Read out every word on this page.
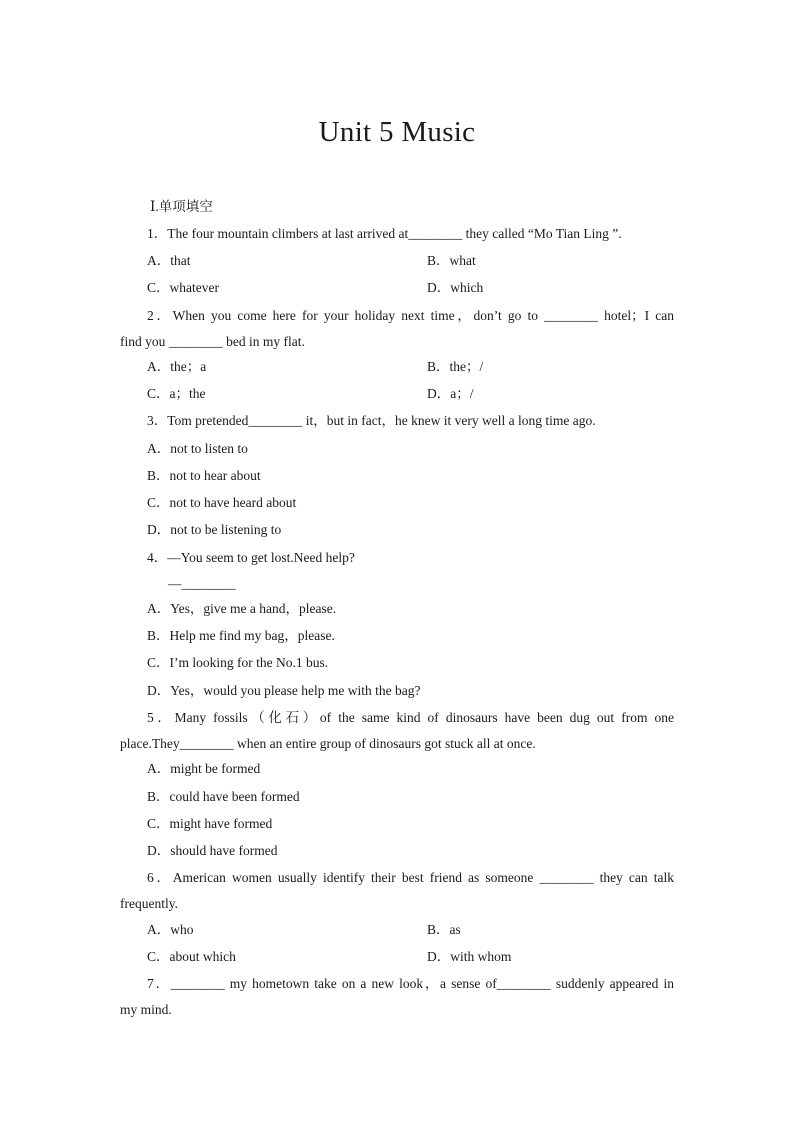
Unit 5 Music
Ⅰ.单项填空
1．The four mountain climbers at last arrived at________ they called “Mo Tian Ling ”.
A．that	B．what
C．whatever	D．which
2．When you come here for your holiday next time，don’t go to ________ hotel；I can
find you ________ bed in my flat.
A．the；a	B．the；/
C．a；the	D．a；/
3．Tom pretended________ it，but in fact，he knew it very well a long time ago.
A．not to listen to
B．not to hear about
C．not to have heard about
D．not to be listening to
4．—You seem to get lost.Need help?
—________
A．Yes，give me a hand，please.
B．Help me find my bag，please.
C．I’m looking for the No.1 bus.
D．Yes，would you please help me with the bag?
5．Many fossils（化石）of the same kind of dinosaurs have been dug out from one
place.They________ when an entire group of dinosaurs got stuck all at once.
A．might be formed
B．could have been formed
C．might have formed
D．should have formed
6．American women usually identify their best friend as someone ________ they can talk
frequently.
A．who	B．as
C．about which	D．with whom
7．________ my hometown take on a new look，a sense of________ suddenly appeared in
my mind.
